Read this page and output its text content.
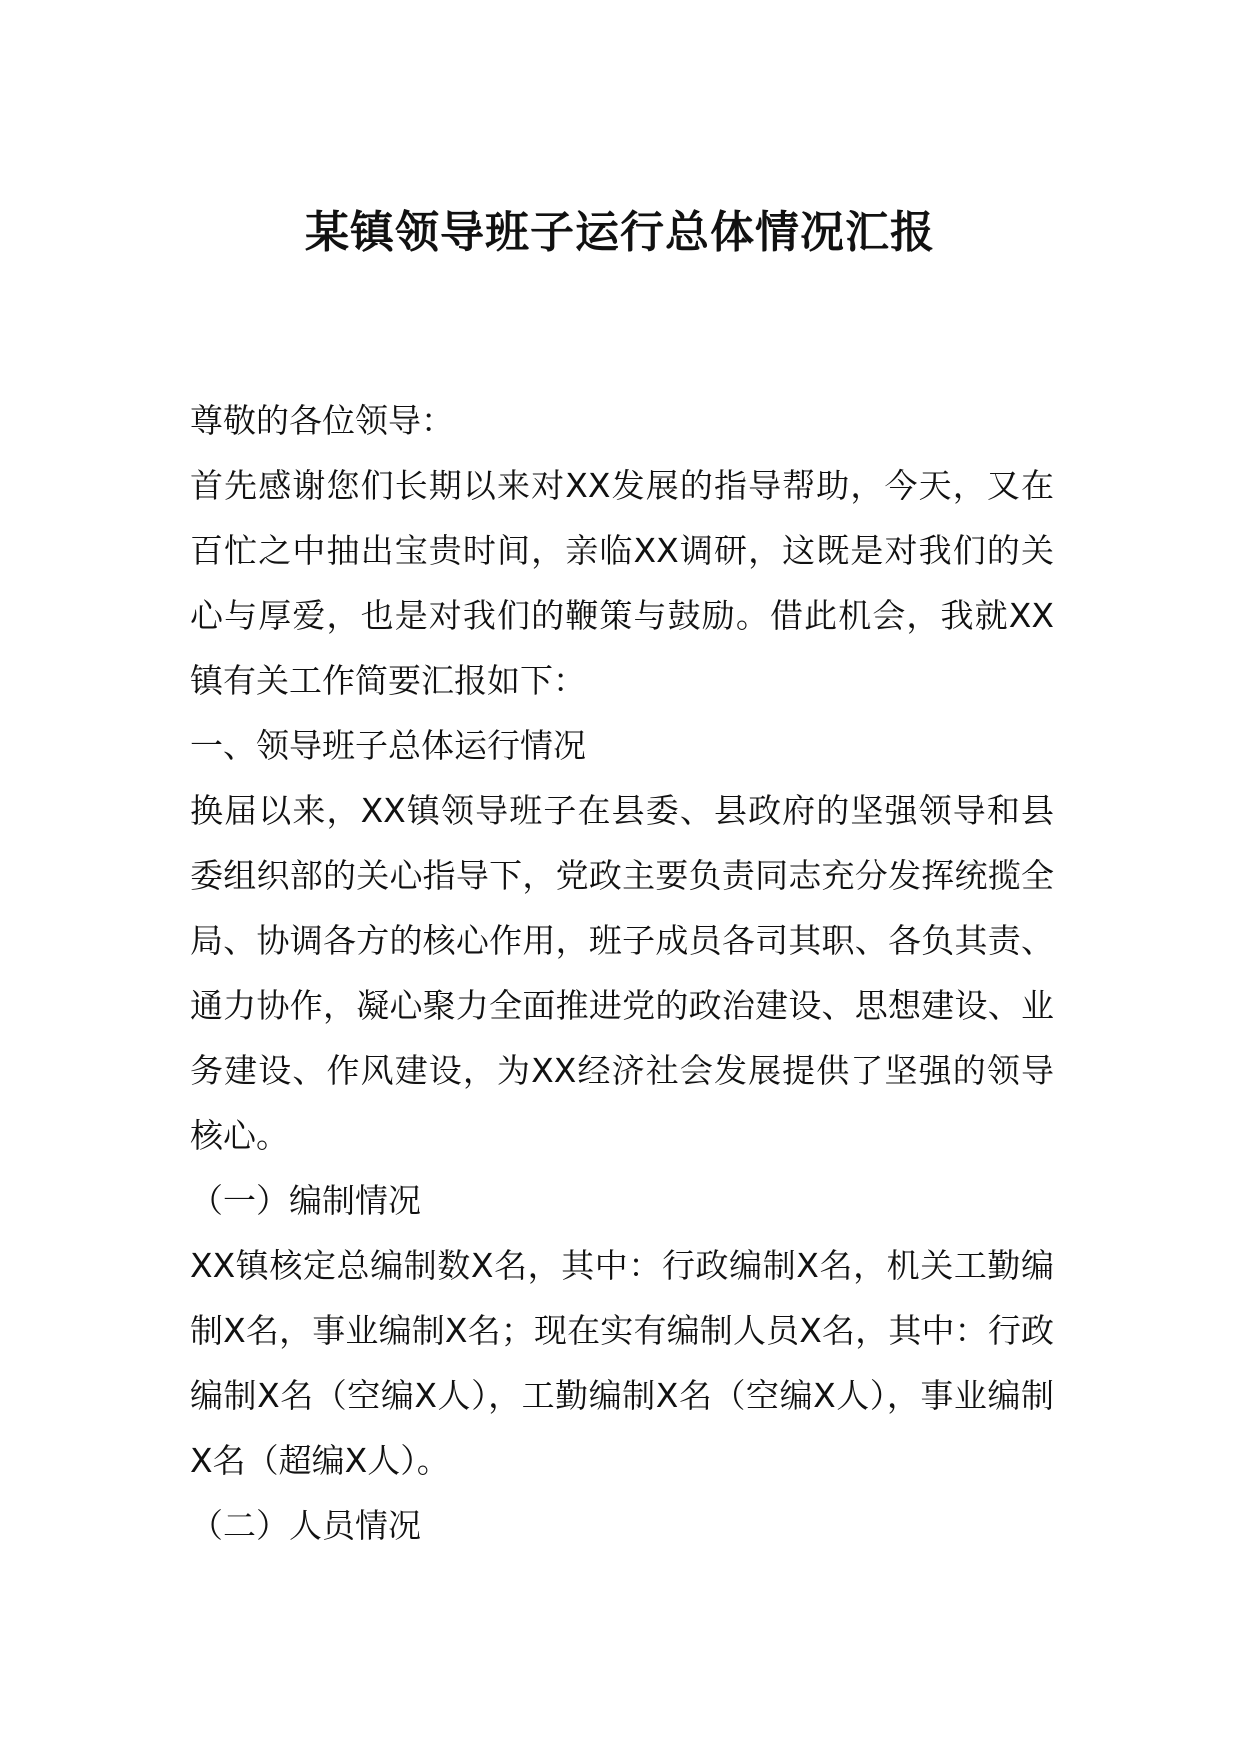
某镇领导班子运行总体情况汇报

尊敬的各位领导：

首先感谢您们长期以来对XX发展的指导帮助，今天，又在百忙之中抽出宝贵时间，亲临XX调研，这既是对我们的关心与厚爱，也是对我们的鞭策与鼓励。借此机会，我就XX镇有关工作简要汇报如下：

一、领导班子总体运行情况

换届以来，XX镇领导班子在县委、县政府的坚强领导和县委组织部的关心指导下，党政主要负责同志充分发挥统揽全局、协调各方的核心作用，班子成员各司其职、各负其责、通力协作，凝心聚力全面推进党的政治建设、思想建设、业务建设、作风建设，为XX经济社会发展提供了坚强的领导核心。

（一）编制情况

XX镇核定总编制数X名，其中：行政编制X名，机关工勤编制X名，事业编制X名；现在实有编制人员X名，其中：行政编制X名（空编X人），工勤编制X名（空编X人），事业编制X名（超编X人）。

（二）人员情况
